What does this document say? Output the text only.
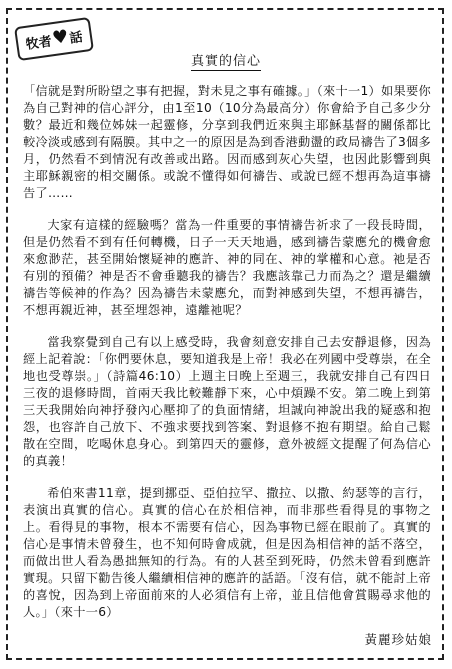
牧者
♥
話
真實的信心

「信就是對所盼望之事有把握，對未見之事有確據。」（來十一1）如果要你為自己對神的信心評分，由1至10（10分為最高分）你會給予自己多少分數？最近和幾位姊妹一起靈修，分享到我們近來與主耶穌基督的關係都比較冷淡或感到有隔膜。其中之一的原因是為到香港動盪的政局禱告了3個多月，仍然看不到情況有改善或出路。因而感到灰心失望，也因此影響到與主耶穌親密的相交關係。或說不懂得如何禱告、或說已經不想再為這事禱告了……

大家有這樣的經驗嗎？當為一件重要的事情禱告祈求了一段長時間，但是仍然看不到有任何轉機，日子一天天地過，感到禱告蒙應允的機會愈來愈渺茫，甚至開始懷疑神的應許、神的同在、神的掌權和心意。祂是否有別的預備？神是否不會垂聽我的禱告？我應該靠己力而為之？還是繼續禱告等候神的作為？因為禱告未蒙應允，而對神感到失望，不想再禱告，不想再親近神，甚至埋怨神，遠離祂呢？

當我察覺到自己有以上感受時，我會刻意安排自己去安靜退修，因為經上記着說：「你們要休息，要知道我是上帝！我必在列國中受尊崇，在全地也受尊崇。」（詩篇46:10）上週主日晚上至週三，我就安排自己有四日三夜的退修時間，首兩天我比較難靜下來，心中煩躁不安。第二晚上到第三天我開始向神抒發內心壓抑了的負面情緒，坦誠向神說出我的疑惑和抱怨，也容許自己放下、不強求要找到答案、對退修不抱有期望。給自己鬆散在空間，吃喝休息身心。到第四天的靈修，意外被經文提醒了何為信心的真義！

希伯來書11章，提到挪亞、亞伯拉罕、撒拉、以撒、約瑟等的言行，表演出真實的信心。真實的信心在於相信神，而非那些看得見的事物之上。看得見的事物，根本不需要有信心，因為事物已經在眼前了。真實的信心是事情未曾發生，也不知何時會成就，但是因為相信神的話不落空，而做出世人看為愚拙無知的行為。有的人甚至到死時，仍然未曾看到應許實現。只留下勸告後人繼續相信神的應許的話語。「沒有信，就不能討上帝的喜悅，因為到上帝面前來的人必須信有上帝，並且信他會賞賜尋求他的人。」（來十一6）

黃麗珍姑娘
